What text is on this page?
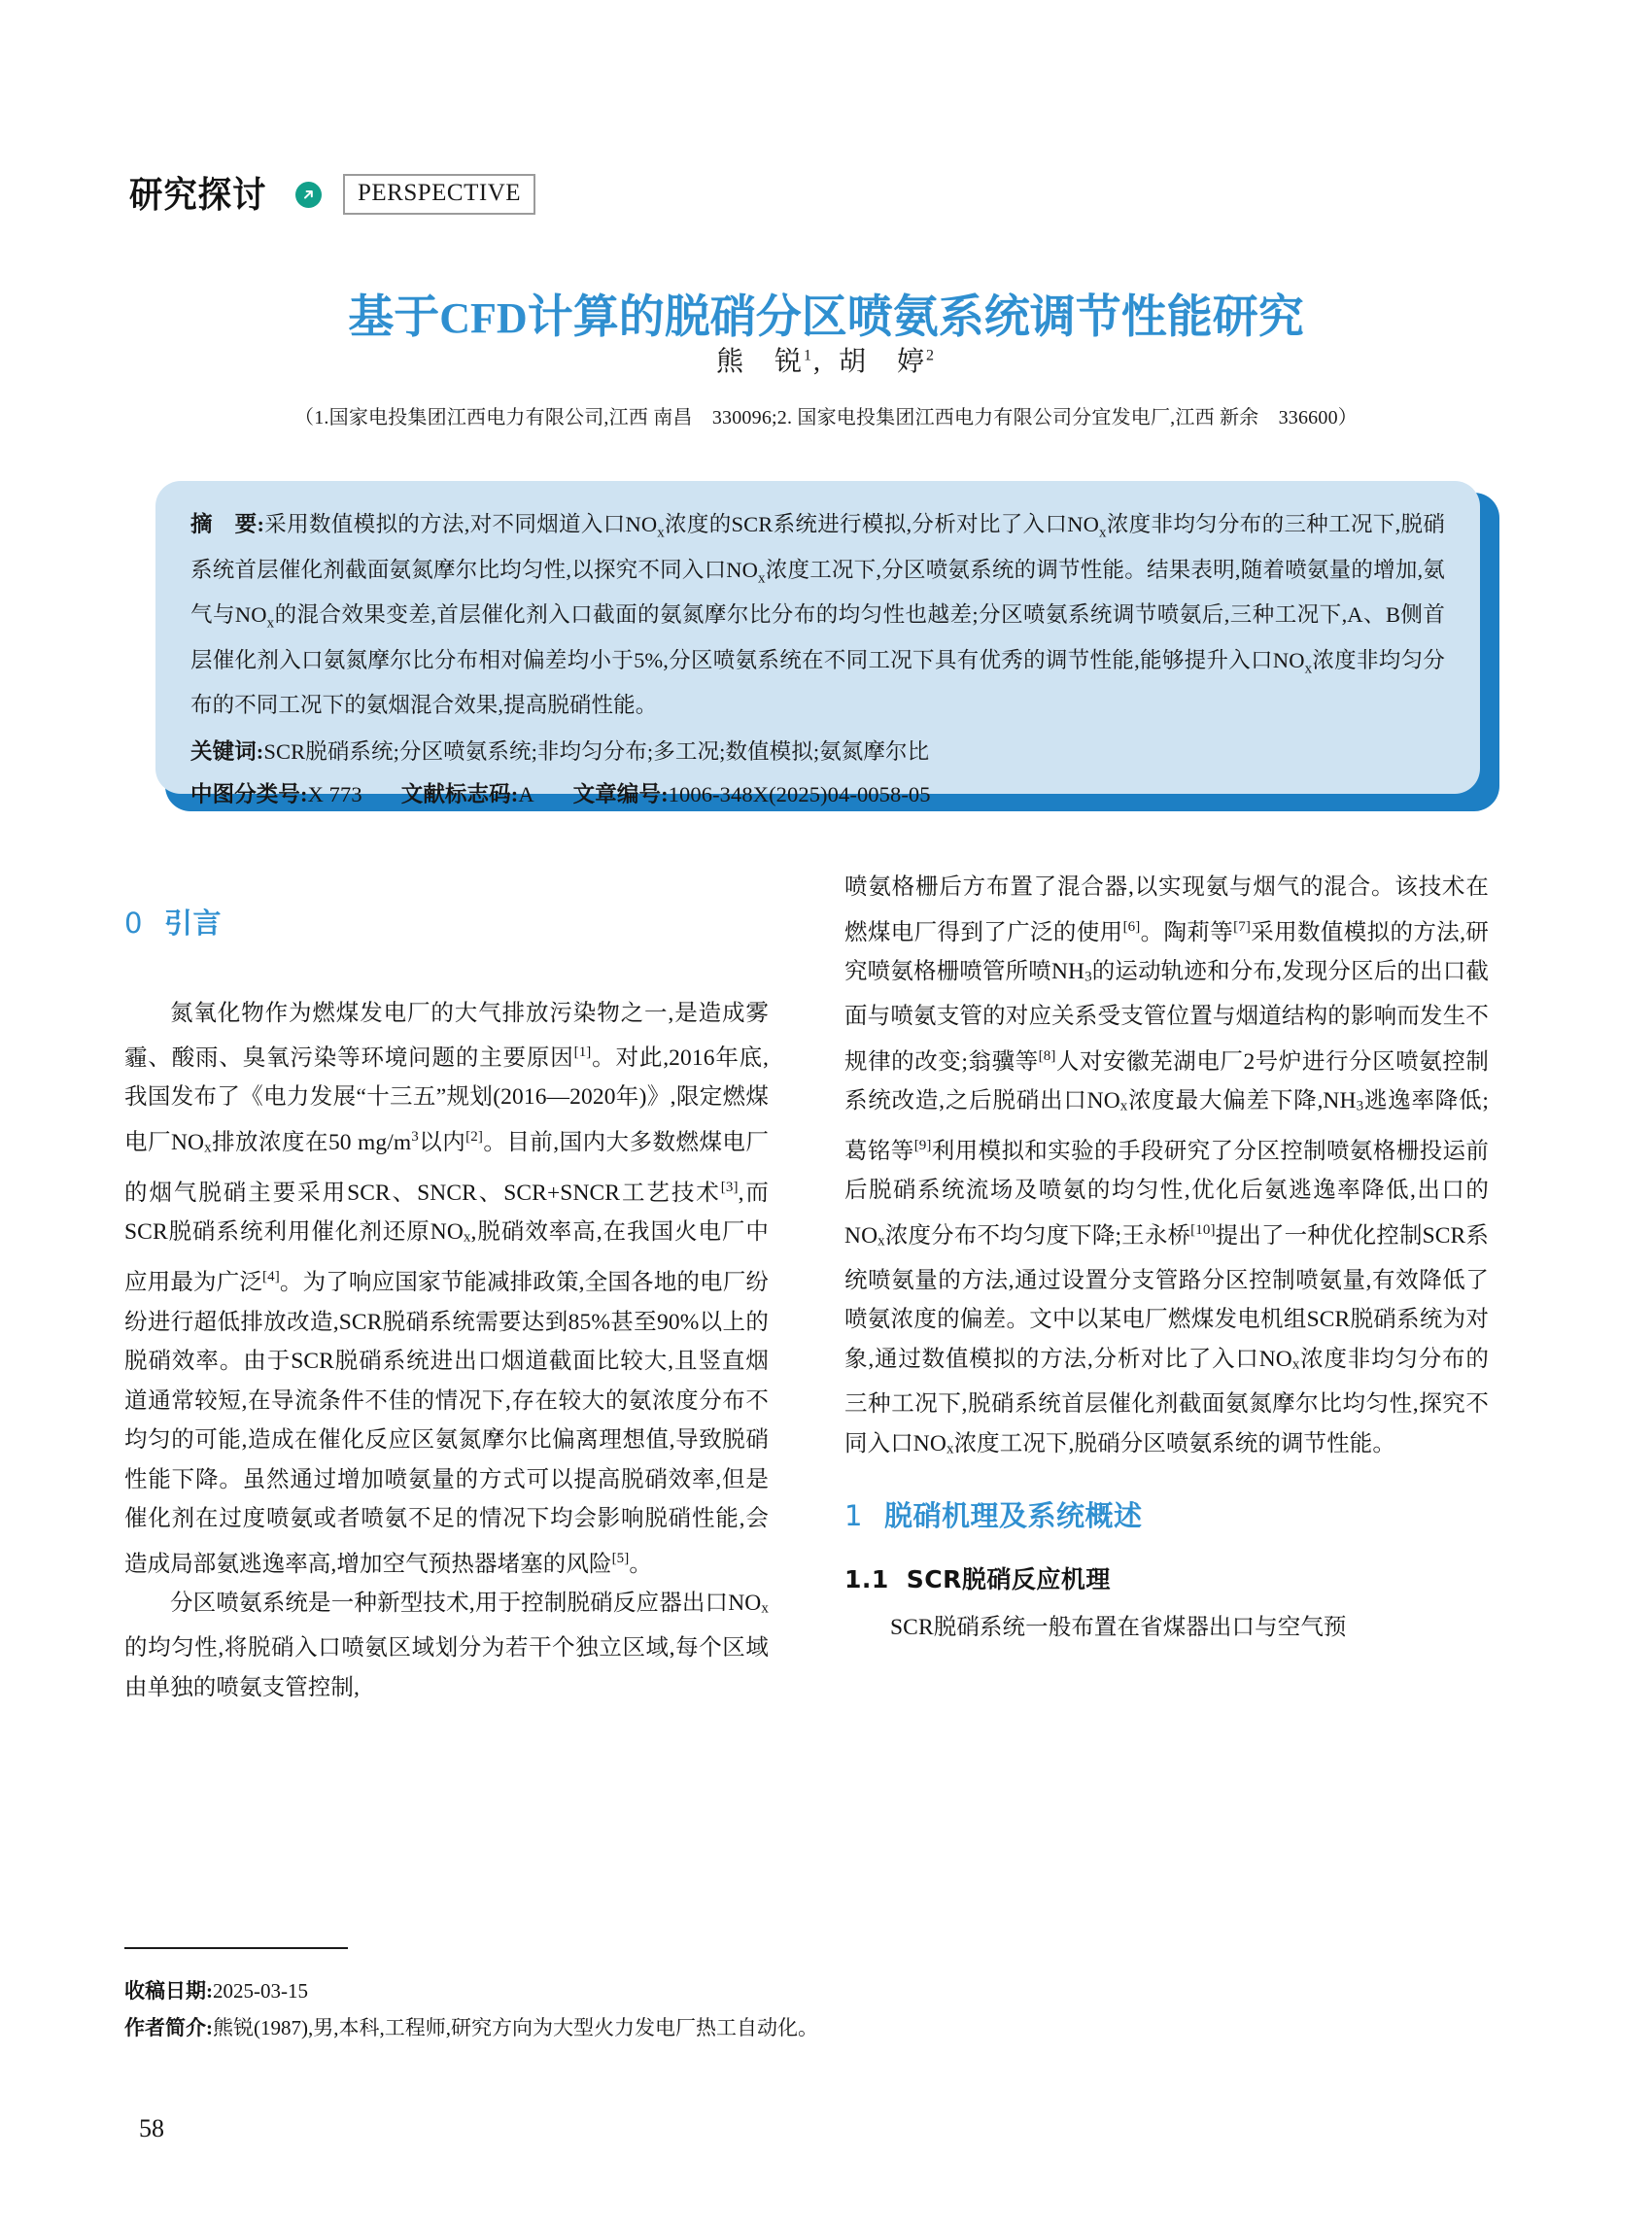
研究探讨	PERSPECTIVE
基于CFD计算的脱硝分区喷氨系统调节性能研究
熊　锐$^1$, 胡　婷$^2$
（1.国家电投集团江西电力有限公司,江西 南昌　330096;2. 国家电投集团江西电力有限公司分宜发电厂,江西 新余　336600）
摘　要:采用数值模拟的方法,对不同烟道入口$NO_x$浓度的SCR系统进行模拟,分析对比了入口$NO_x$浓度非均匀分布的三种工况下,脱硝系统首层催化剂截面氨氮摩尔比均匀性,以探究不同入口$NO_x$浓度工况下,分区喷氨系统的调节性能。结果表明,随着喷氨量的增加,氨气与$NO_x$的混合效果变差,首层催化剂入口截面的氨氮摩尔比分布的均匀性也越差;分区喷氨系统调节喷氨后,三种工况下,A、B侧首层催化剂入口氨氮摩尔比分布相对偏差均小于5%,分区喷氨系统在不同工况下具有优秀的调节性能,能够提升入口$NO_x$浓度非均匀分布的不同工况下的氨烟混合效果,提高脱硝性能。
关键词:SCR脱硝系统;分区喷氨系统;非均匀分布;多工况;数值模拟;氨氮摩尔比
中图分类号:X 773 文献标志码:A 文章编号:1006-348X(2025)04-0058-05
0 引言

氮氧化物作为燃煤发电厂的大气排放污染物之一,是造成雾霾、酸雨、臭氧污染等环境问题的主要原因[1]。对此,2016年底,我国发布了《电力发展“十三五”规划(2016—2020年)》,限定燃煤电厂$NO_x$排放浓度在50 mg/m$^3$以内[2]。目前,国内大多数燃煤电厂的烟气脱硝主要采用SCR、SNCR、SCR+SNCR工艺技术[3],而SCR脱硝系统利用催化剂还原$NO_x$,脱硝效率高,在我国火电厂中应用最为广泛[4]。为了响应国家节能减排政策,全国各地的电厂纷纷进行超低排放改造,SCR脱硝系统需要达到85%甚至90%以上的脱硝效率。由于SCR脱硝系统进出口烟道截面比较大,且竖直烟道通常较短,在导流条件不佳的情况下,存在较大的氨浓度分布不均匀的可能,造成在催化反应区氨氮摩尔比偏离理想值,导致脱硝性能下降。虽然通过增加喷氨量的方式可以提高脱硝效率,但是催化剂在过度喷氨或者喷氨不足的情况下均会影响脱硝性能,会造成局部氨逃逸率高,增加空气预热器堵塞的风险[5]。

分区喷氨系统是一种新型技术,用于控制脱硝反应器出口$NO_x$的均匀性,将脱硝入口喷氨区域划分为若干个独立区域,每个区域由单独的喷氨支管控制,

喷氨格栅后方布置了混合器,以实现氨与烟气的混合。该技术在燃煤电厂得到了广泛的使用[6]。陶莉等[7]采用数值模拟的方法,研究喷氨格栅喷管所喷$NH_3$的运动轨迹和分布,发现分区后的出口截面与喷氨支管的对应关系受支管位置与烟道结构的影响而发生不规律的改变;翁骥等[8]人对安徽芜湖电厂2号炉进行分区喷氨控制系统改造,之后脱硝出口$NO_x$浓度最大偏差下降$,NH_3$逃逸率降低;葛铭等[9]利用模拟和实验的手段研究了分区控制喷氨格栅投运前后脱硝系统流场及喷氨的均匀性,优化后氨逃逸率降低,出口的$NO_x$浓度分布不均匀度下降;王永桥[10]提出了一种优化控制SCR系统喷氨量的方法,通过设置分支管路分区控制喷氨量,有效降低了喷氨浓度的偏差。文中以某电厂燃煤发电机组SCR脱硝系统为对象,通过数值模拟的方法,分析对比了入口$NO_x$浓度非均匀分布的三种工况下,脱硝系统首层催化剂截面氨氮摩尔比均匀性,探究不同入口$NO_x$浓度工况下,脱硝分区喷氨系统的调节性能。

1 脱硝机理及系统概述
1.1 SCR脱硝反应机理

SCR脱硝系统一般布置在省煤器出口与空气预

收稿日期:2025-03-15
作者简介:熊锐(1987),男,本科,工程师,研究方向为大型火力发电厂热工自动化。
58
